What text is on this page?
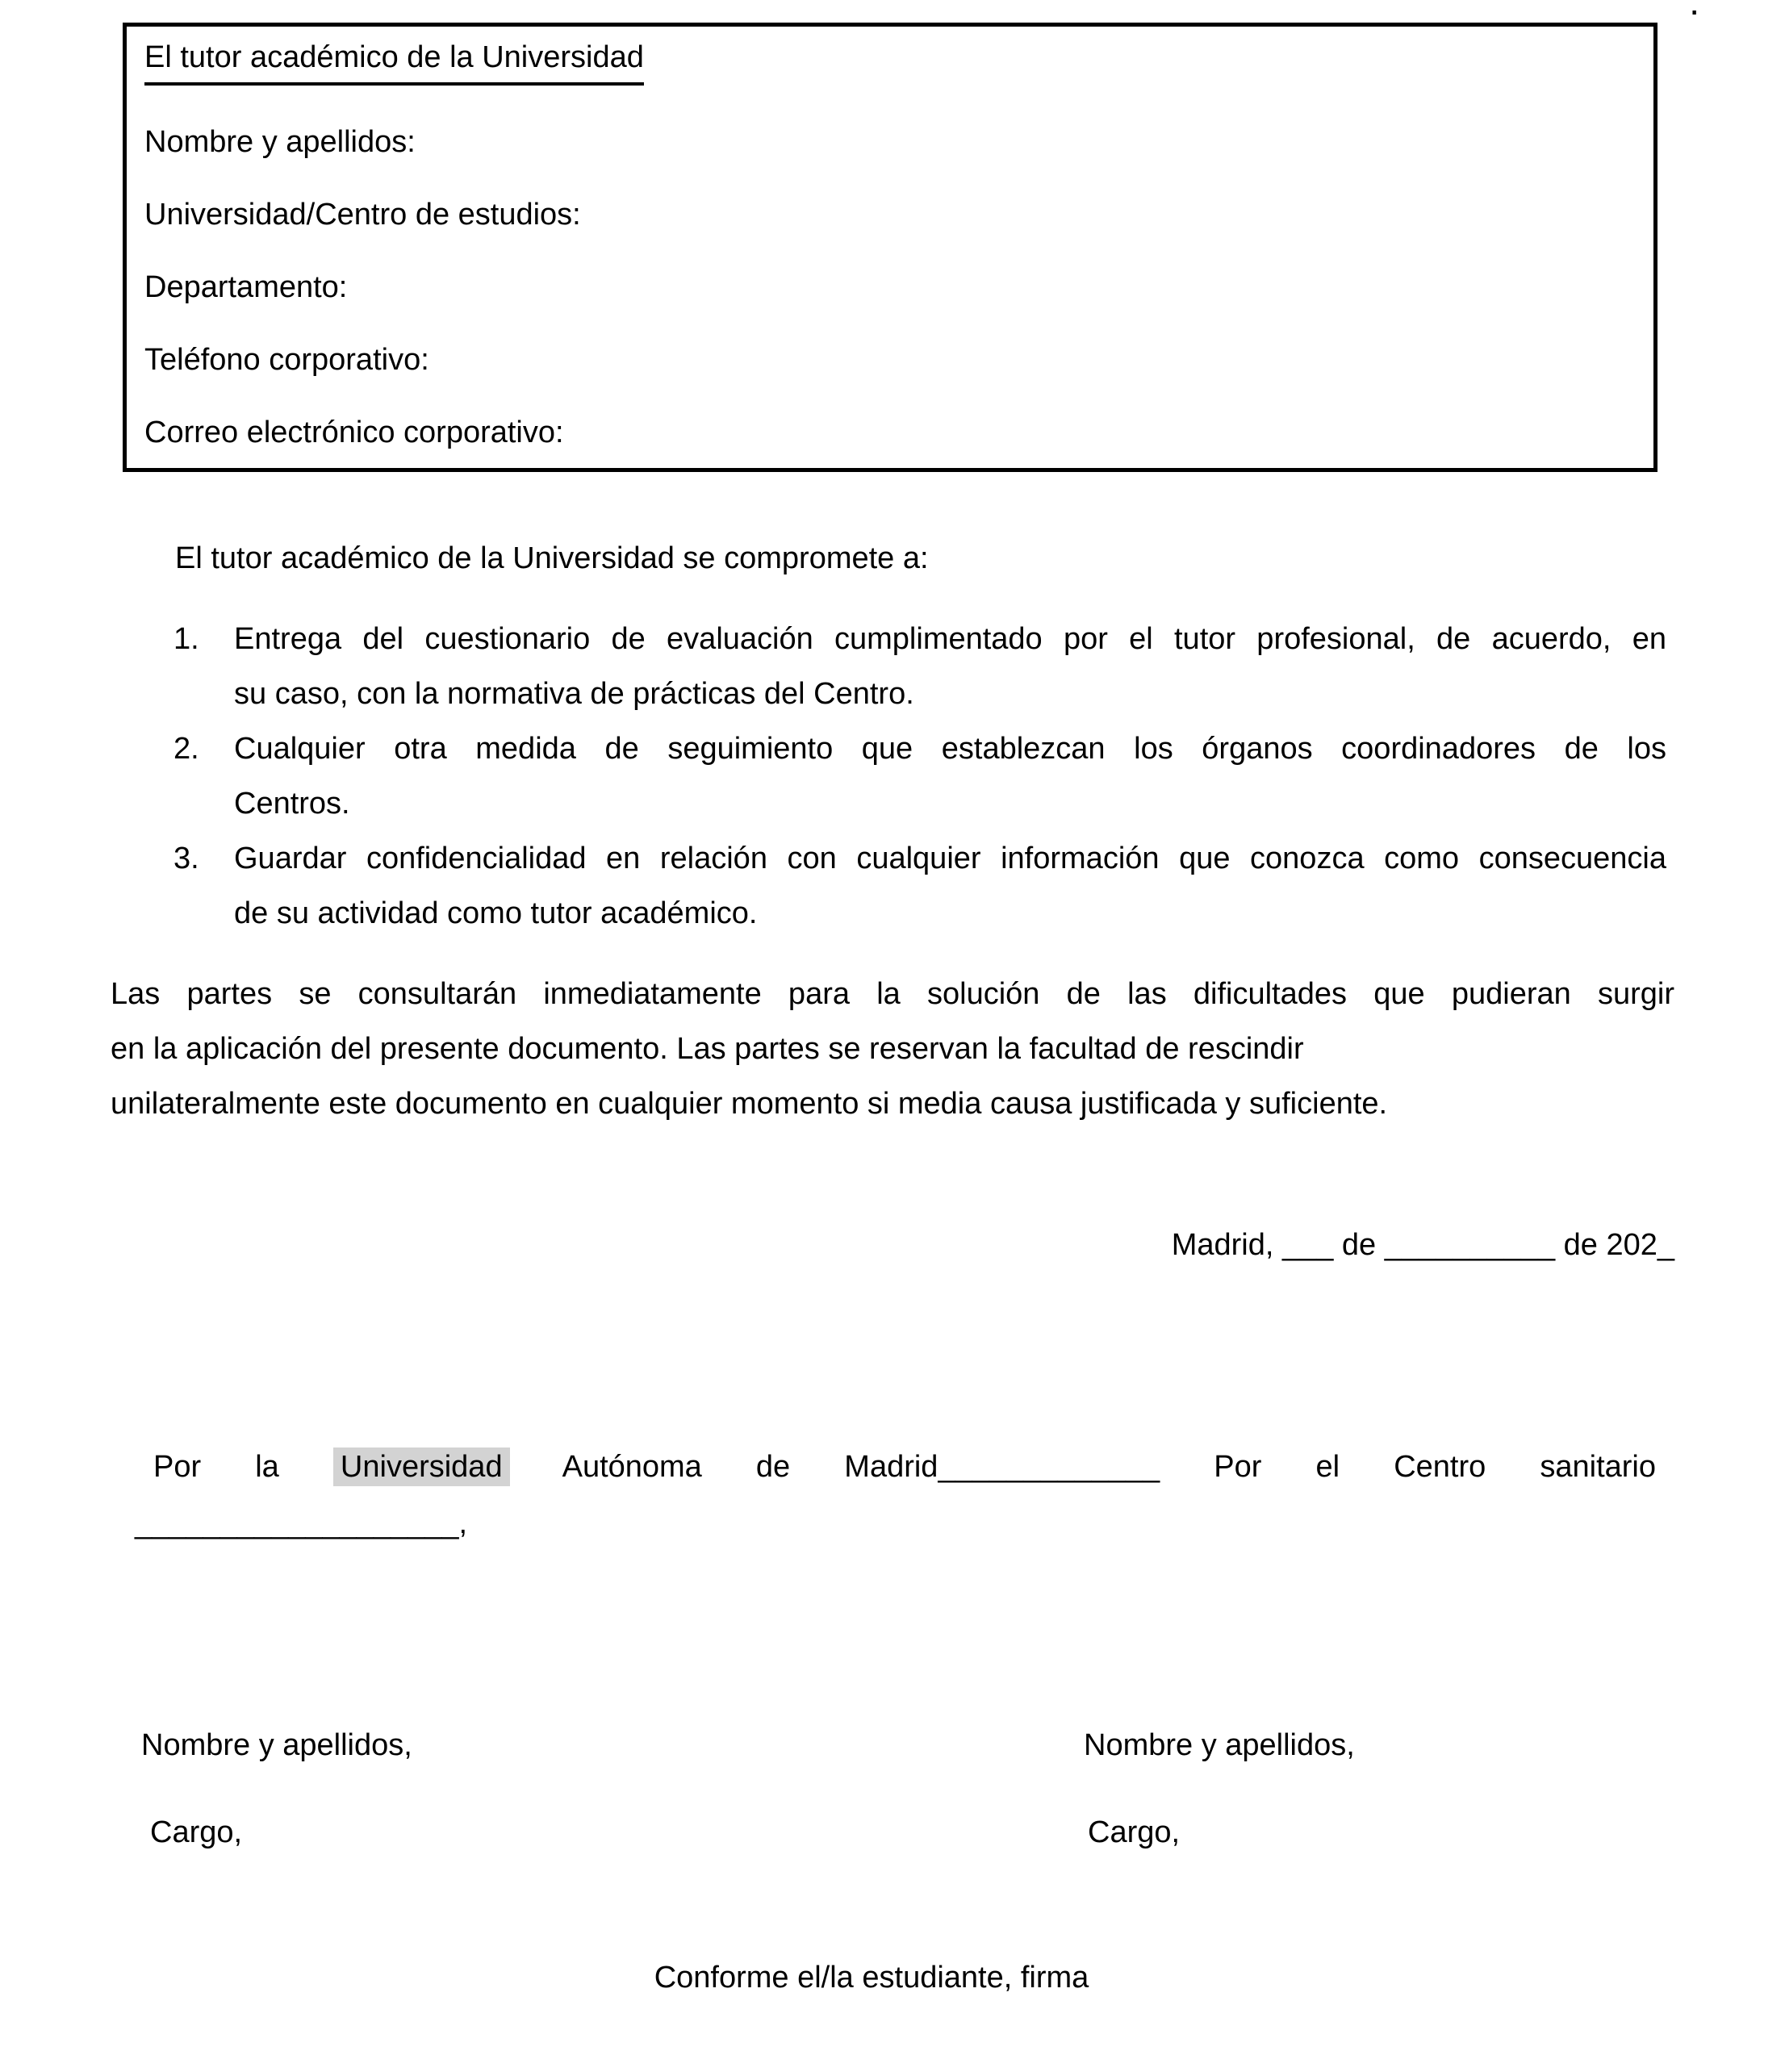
.
El tutor académico de la Universidad
Nombre y apellidos:
Universidad/Centro de estudios:
Departamento:
Teléfono corporativo:
Correo electrónico corporativo:
El tutor académico de la Universidad se compromete a:
1. Entrega del cuestionario de evaluación cumplimentado por el tutor profesional, de acuerdo, en
su caso, con la normativa de prácticas del Centro.
2. Cualquier otra medida de seguimiento que establezcan los órganos coordinadores de los
Centros.
3. Guardar confidencialidad en relación con cualquier información que conozca como consecuencia
de su actividad como tutor académico.
Las partes se consultarán inmediatamente para la solución de las dificultades que pudieran surgir
en la aplicación del presente documento. Las partes se reservan la facultad de rescindir
unilateralmente este documento en cualquier momento si media causa justificada y suficiente.
Madrid, ___ de __________ de 202_
Por la Universidad Autónoma de Madrid_____________ Por el Centro sanitario
___________________,
Nombre y apellidos,	Nombre y apellidos,
Cargo,	Cargo,
Conforme el/la estudiante, firma
